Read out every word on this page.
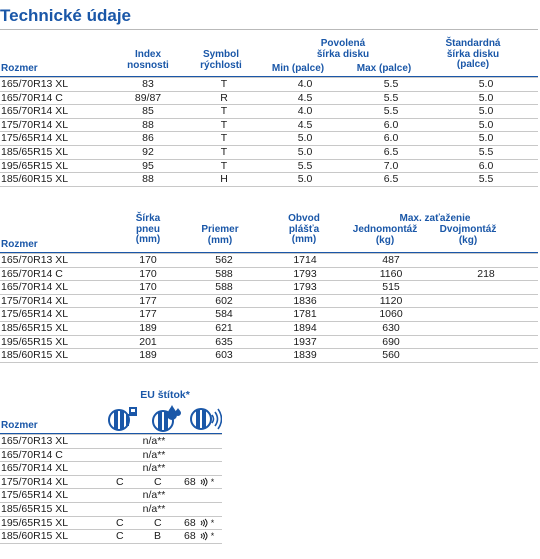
Technické údaje
Index
nosnosti
Symbol
rýchlosti
Povolená
šírka disku
Min (palce)	Max (palce)
Štandardná
šírka disku
(palce)
Rozmer
165/70R13 XL	83	T	4.0	5.5	5.0
165/70R14 C	89/87	R	4.5	5.5	5.0
165/70R14 XL	85	T	4.0	5.5	5.0
175/70R14 XL	88	T	4.5	6.0	5.0
175/65R14 XL	86	T	5.0	6.0	5.0
185/65R15 XL	92	T	5.0	6.5	5.5
195/65R15 XL	95	T	5.5	7.0	6.0
185/60R15 XL	88	H	5.0	6.5	5.5
Šírka
pneu
(mm)
Priemer
(mm)
Obvod
plášťa
(mm)
Max. zaťaženie
Jednomontáž
(kg)
Dvojmontáž
(kg)
Rozmer
165/70R13 XL	170	562	1714	487	
165/70R14 C	170	588	1793	1160	218
165/70R14 XL	170	588	1793	515	
175/70R14 XL	177	602	1836	1120	
175/65R14 XL	177	584	1781	1060	
185/65R15 XL	189	621	1894	630	
195/65R15 XL	201	635	1937	690	
185/60R15 XL	189	603	1839	560	
EU štítok*
Rozmer
165/70R13 XL	n/a**		
165/70R14 C	n/a**		
165/70R14 XL	n/a**		
175/70R14 XL	C	C	68 *
175/65R14 XL	n/a**		
185/65R15 XL	n/a**		
195/65R15 XL	C	C	68 *
185/60R15 XL	C	B	68 *
